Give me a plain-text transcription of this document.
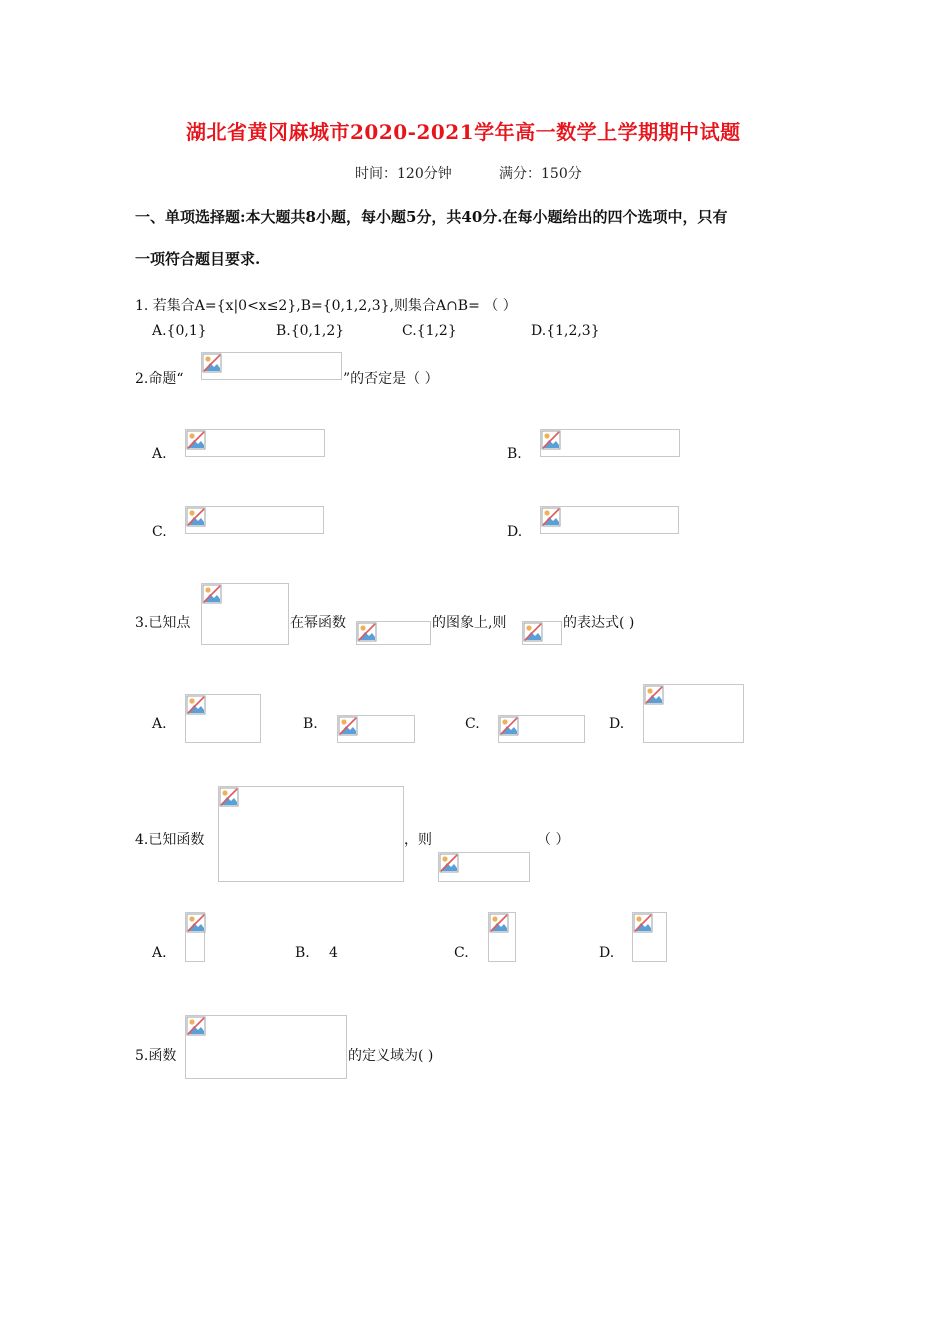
湖北省黄冈麻城市2020-2021学年高一数学上学期期中试题
时间：120分钟	满分：150分
一、单项选择题:本大题共8小题，每小题5分，共40分.在每小题给出的四个选项中，只有
一项符合题目要求.
1. 若集合A={x|0<x≤2},B={0,1,2,3},则集合A∩B= （ ）
A.{0,1}	B.{0,1,2}	C.{1,2}	D.{1,2,3}
2.命题“	”的否定是（ ）
A.	B.
C.	D.
3.已知点	在幂函数	的图象上,则	的表达式( )
A.	B.	C.	D.
4.已知函数	，则	（ ）
A.	B. 4	C.	D.
5.函数	的定义域为( )
